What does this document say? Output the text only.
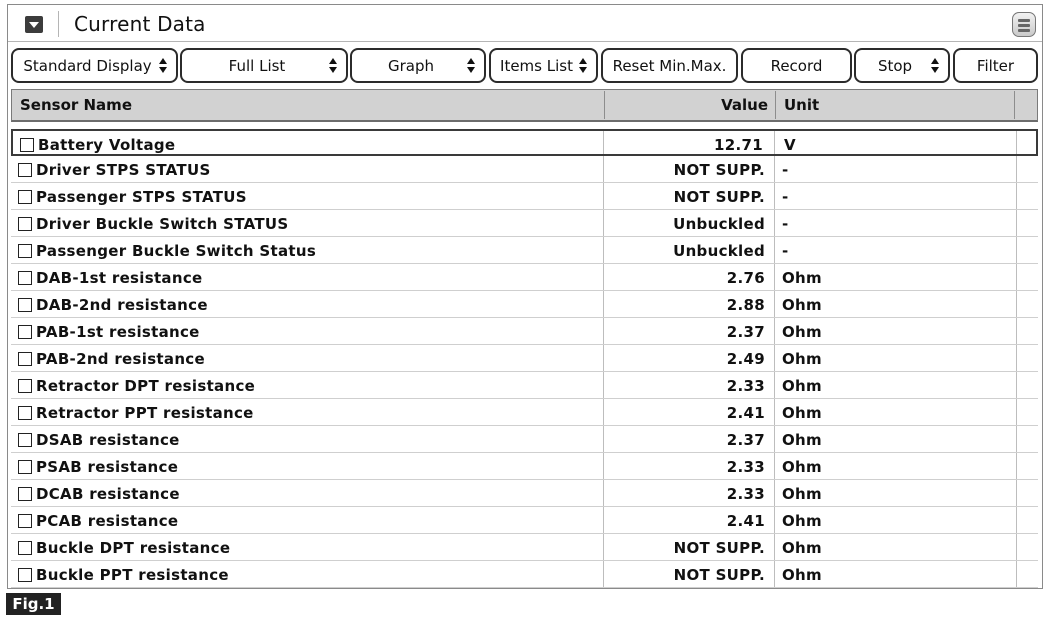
Current Data
Standard Display	Full List	Graph	Items List	Reset Min.Max.	Record	Stop	Filter
Sensor Name	Value Unit
Battery Voltage	12.71 V
Driver STPS STATUS	NOT SUPP. -
Passenger STPS STATUS	NOT SUPP. -
Driver Buckle Switch STATUS	Unbuckled -
Passenger Buckle Switch Status	Unbuckled -
DAB-1st resistance	2.76 Ohm
DAB-2nd resistance	2.88 Ohm
PAB-1st resistance	2.37 Ohm
PAB-2nd resistance	2.49 Ohm
Retractor DPT resistance	2.33 Ohm
Retractor PPT resistance	2.41 Ohm
DSAB resistance	2.37 Ohm
PSAB resistance	2.33 Ohm
DCAB resistance	2.33 Ohm
PCAB resistance	2.41 Ohm
Buckle DPT resistance	NOT SUPP. Ohm
Buckle PPT resistance	NOT SUPP. Ohm
Fig.1
